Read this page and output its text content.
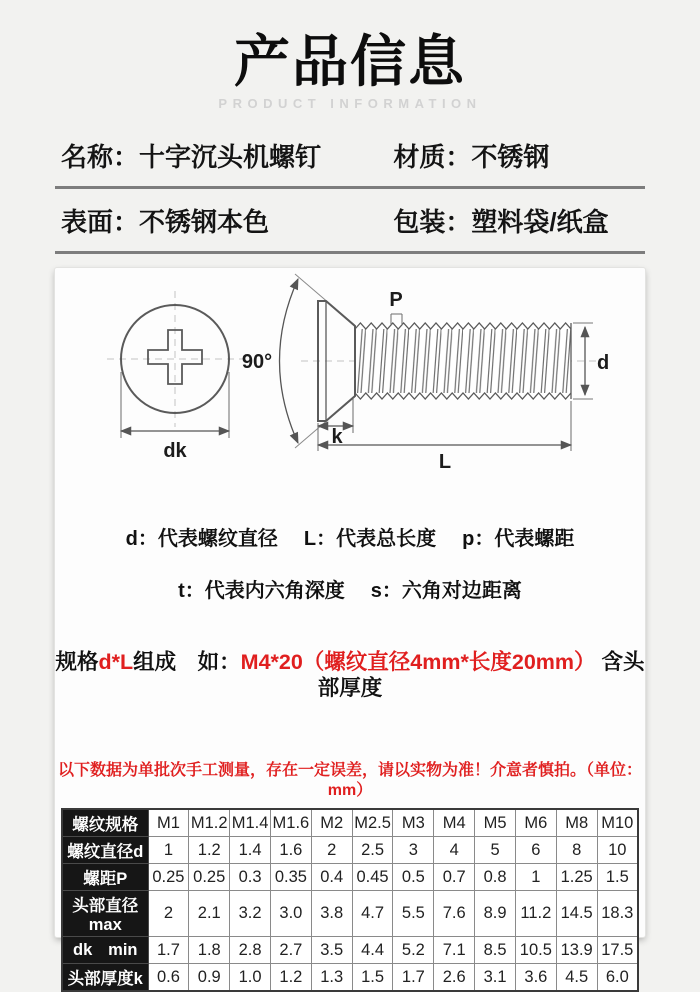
产品信息
PRODUCT INFORMATION
名称：十字沉头机螺钉	材质：不锈钢
表面：不锈钢本色	包装：塑料袋/纸盒
dk
90°
P
d
k
L
d：代表螺纹直径 L：代表总长度 p：代表螺距
t：代表内六角深度 s：六角对边距离
规格d*L组成　如：M4*20（螺纹直径4mm*长度20mm） 含头部厚度
以下数据为单批次手工测量，存在一定误差，请以实物为准！介意者慎拍。（单位：mm）
螺纹规格	M1	M1.2	M1.4	M1.6	M2	M2.5	M3	M4	M5	M6	M8	M10
螺纹直径d	1	1.2	1.4	1.6	2	2.5	3	4	5	6	8	10
螺距P	0.25	0.25	0.3	0.35	0.4	0.45	0.5	0.7	0.8	1	1.25	1.5
头部直径max	2	2.1	3.2	3.0	3.8	4.7	5.5	7.6	8.9	11.2	14.5	18.3

dk min	1.7	1.8	2.8	2.7	3.5	4.4	5.2	7.1	8.5	10.5	13.9	17.5
头部厚度k	0.6	0.9	1.0	1.2	1.3	1.5	1.7	2.6	3.1	3.6	4.5	6.0
